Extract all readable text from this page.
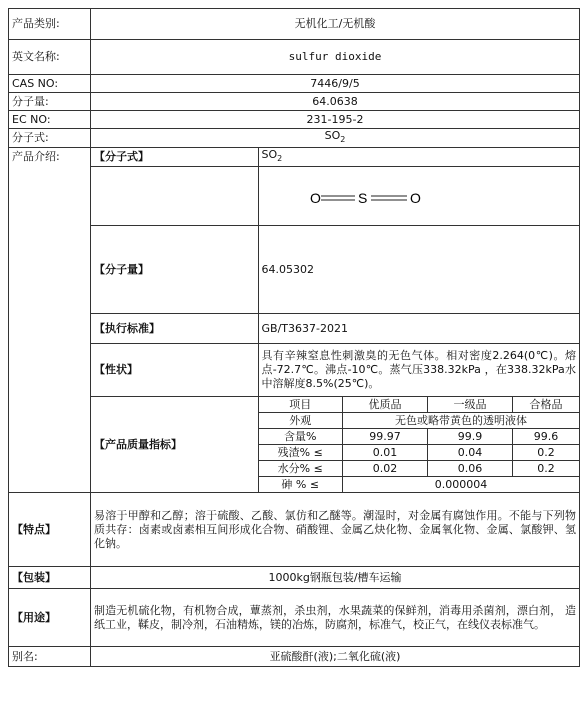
产品类别:	无机化工/无机酸
英文名称:	sulfur dioxide
CAS NO:	7446/9/5
分子量:	64.0638
EC NO:	231-195-2
分子式:	$SO_2$
产品介绍:		【分子式】	$SO_2$

O	S	O

【分子量】	64.05302
【执行标准】	GB/T3637-2021
【性状】	具有辛辣窒息性刺激臭的无色气体。相对密度2.264(0℃)。熔点-72.7℃。沸点-10℃。蒸气压338.32kPa ，在338.32kPa水中溶解度8.5%(25℃)。
【产品质量指标】	
项目	优质品	一级品	合格品
外观	无色或略带黄色的透明液体
含量%	99.97	99.9	99.6
残渣% ≤	0.01	0.04	0.2
水分% ≤	0.02	0.06	0.2
砷 % ≤	0.000004

【特点】	易溶于甲醇和乙醇；溶于硫酸、乙酸、氯仿和乙醚等。潮湿时，对金属有腐蚀作用。不能与下列物质共存：卤素或卤素相互间形成化合物、硝酸锂、金属乙炔化物、金属氧化物、金属、氯酸钾、氢化钠。
【包装】	1000kg钢瓶包装/槽车运输
【用途】	制造无机硫化物，有机物合成，蕈蒸剂，杀虫剂，水果蔬菜的保鲜剂，消毒用杀菌剂，漂白剂， 造纸工业，鞣皮，制冷剂，石油精炼，镁的冶炼，防腐剂，标准气，校正气，在线仪表标准气。
别名:	亚硫酸酐(液);二氧化硫(液)
